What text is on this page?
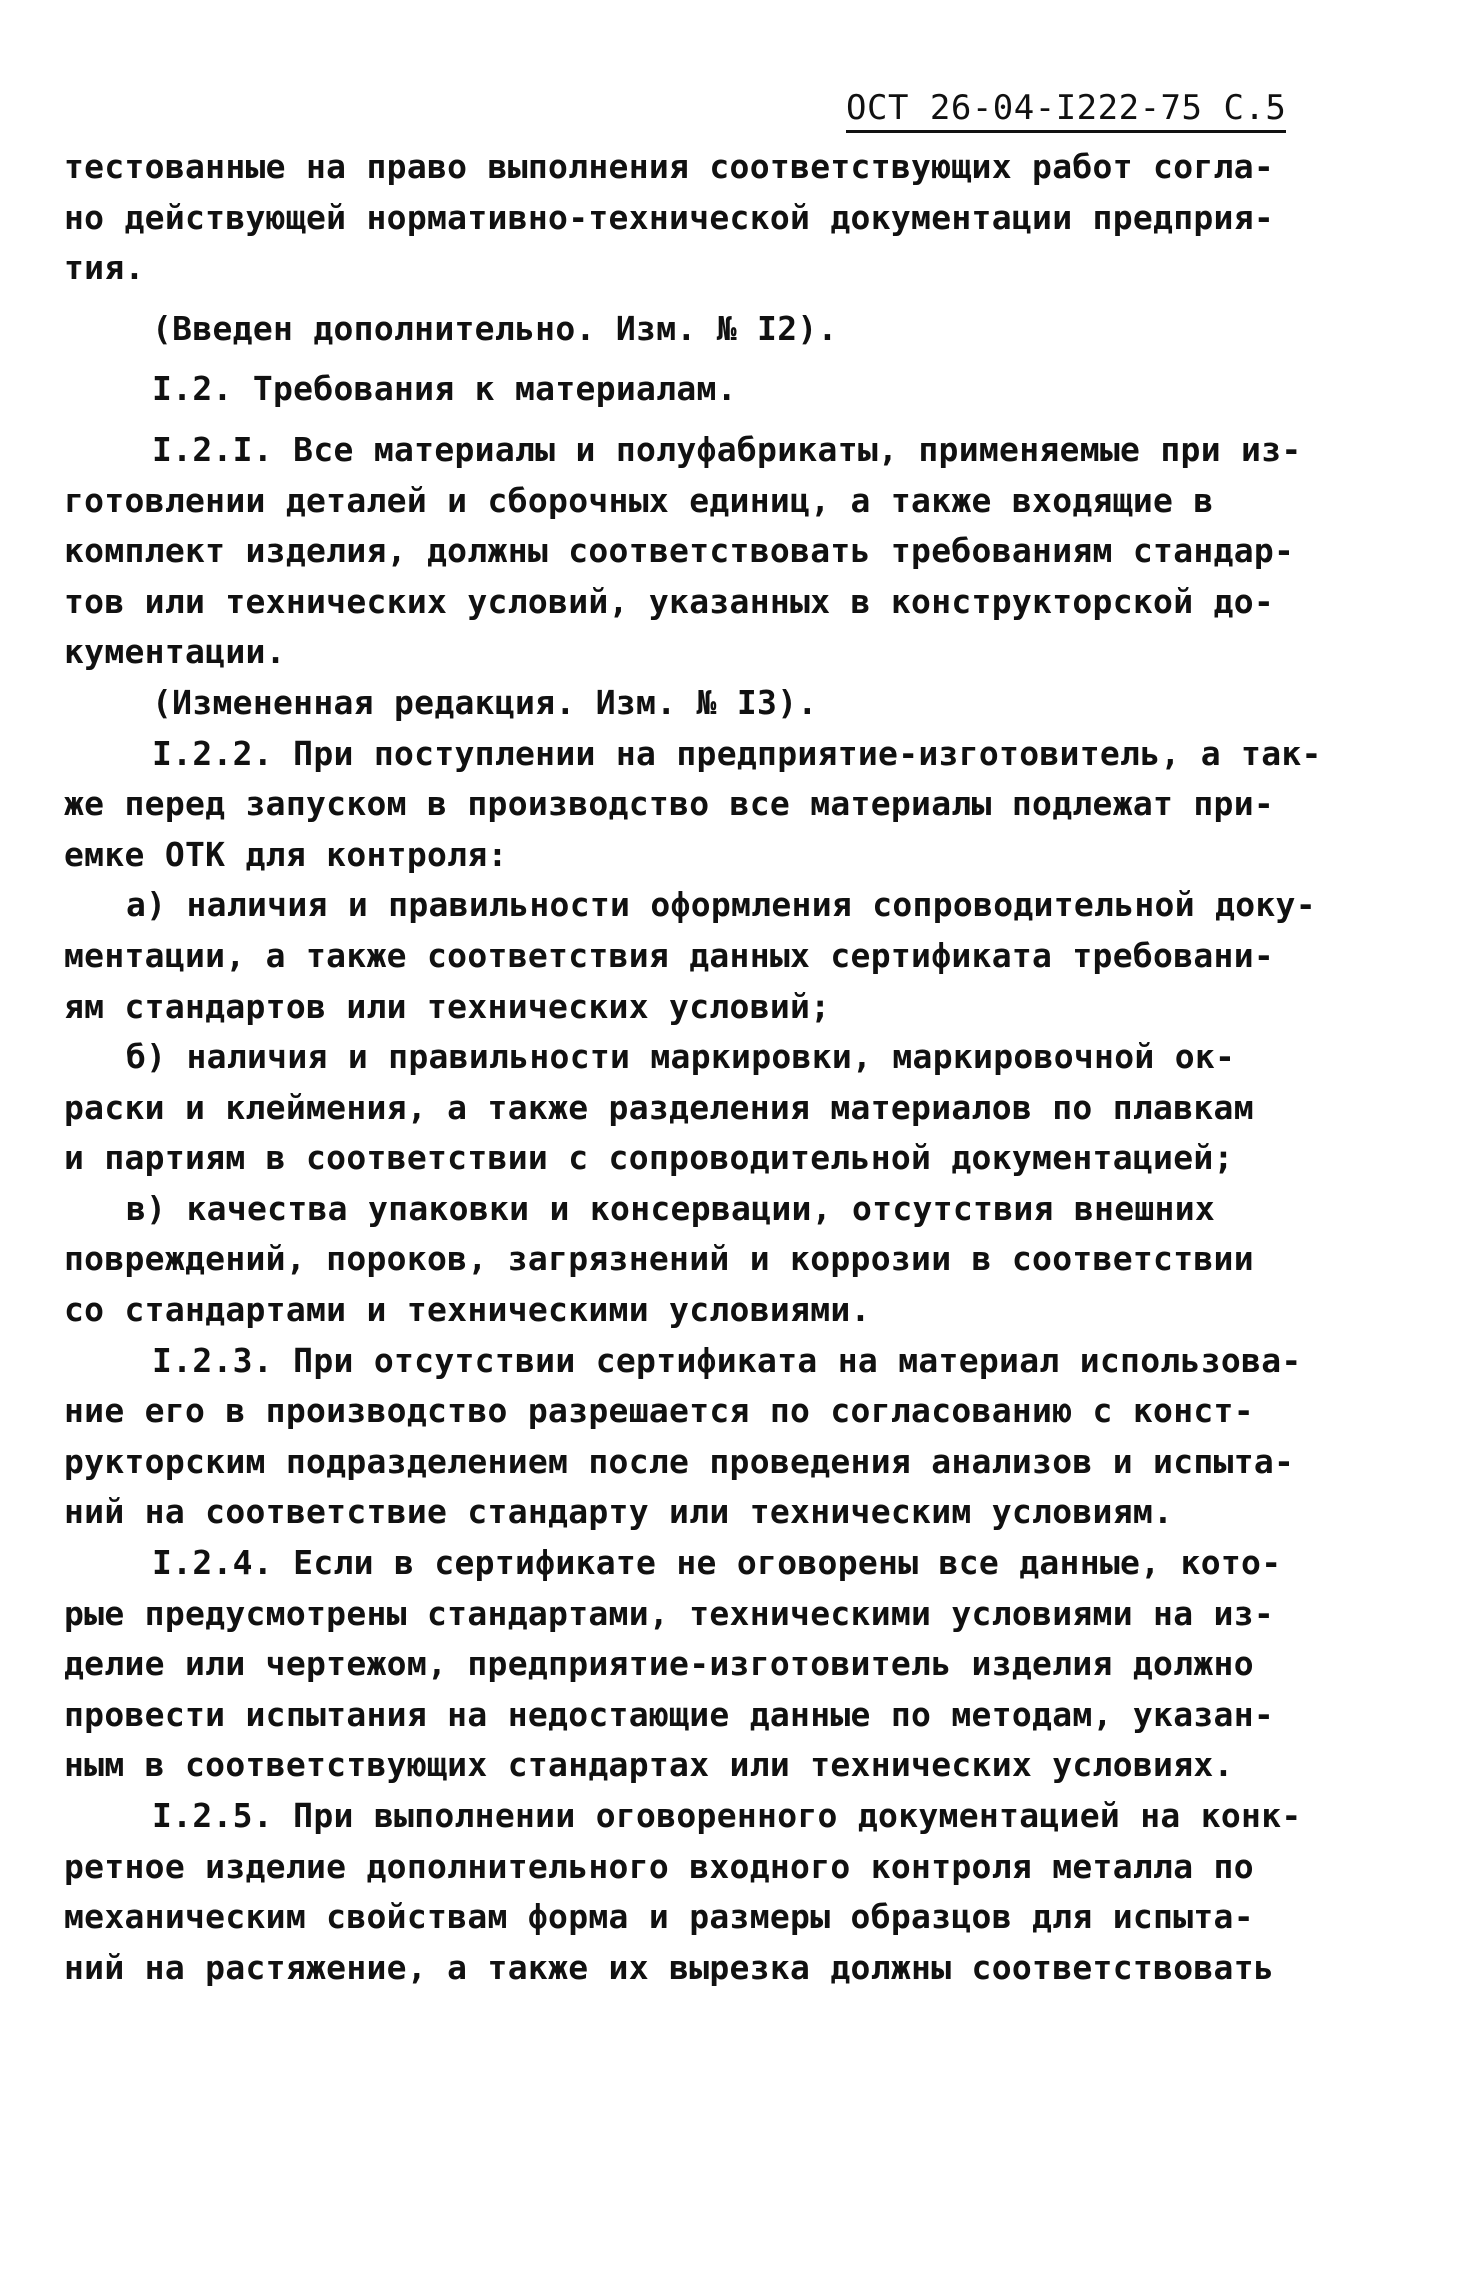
ОСТ 26-04-I222-75 С.5
тестованные на право выполнения соответствующих работ согла-
но действующей нормативно-технической документации предприя-
тия.
(Введен дополнительно. Изм. № I2).
I.2. Требования к материалам.
I.2.I. Все материалы и полуфабрикаты, применяемые при из-
готовлении деталей и сборочных единиц, а также входящие в
комплект изделия, должны соответствовать требованиям стандар-
тов или технических условий, указанных в конструкторской до-
кументации.
(Измененная редакция. Изм. № I3).
I.2.2. При поступлении на предприятие-изготовитель, а так-
же перед запуском в производство все материалы подлежат при-
емке ОТК для контроля:
а) наличия и правильности оформления сопроводительной доку-
ментации, а также соответствия данных сертификата требовани-
ям стандартов или технических условий;
б) наличия и правильности маркировки, маркировочной ок-
раски и клеймения, а также разделения материалов по плавкам
и партиям в соответствии с сопроводительной документацией;
в) качества упаковки и консервации, отсутствия внешних
повреждений, пороков, загрязнений и коррозии в соответствии
со стандартами и техническими условиями.
I.2.3. При отсутствии сертификата на материал использова-
ние его в производство разрешается по согласованию с конст-
рукторским подразделением после проведения анализов и испыта-
ний на соответствие стандарту или техническим условиям.
I.2.4. Если в сертификате не оговорены все данные, кото-
рые предусмотрены стандартами, техническими условиями на из-
делие или чертежом, предприятие-изготовитель изделия должно
провести испытания на недостающие данные по методам, указан-
ным в соответствующих стандартах или технических условиях.
I.2.5. При выполнении оговоренного документацией на конк-
ретное изделие дополнительного входного контроля металла по
механическим свойствам форма и размеры образцов для испыта-
ний на растяжение, а также их вырезка должны соответствовать
